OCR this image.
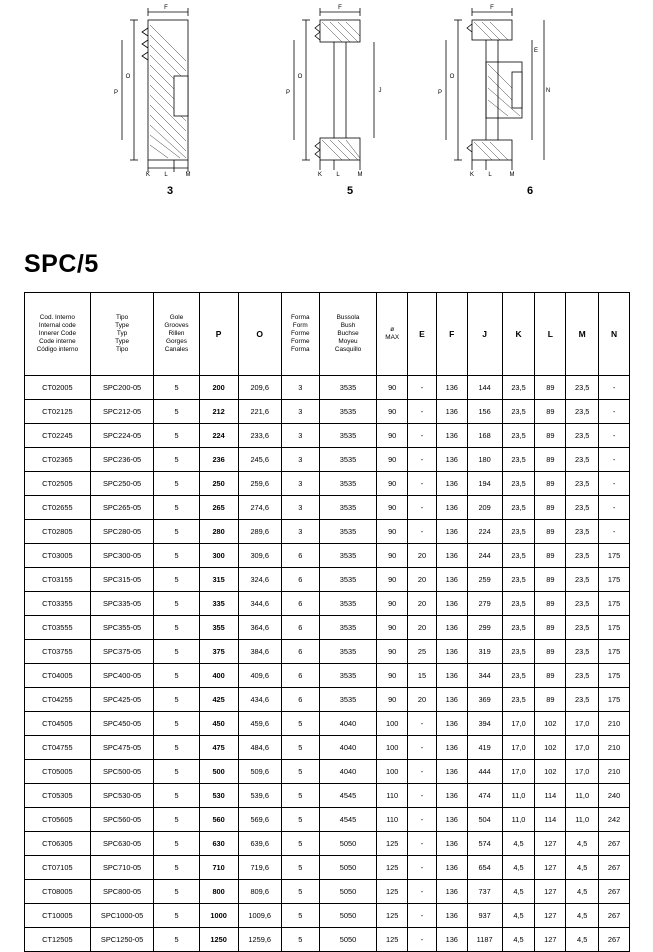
F
O
P
K L	M
3
F
O
P	J
K L	M
5
F
O
P
E
N
K L	M
6
SPC/5
Cod. Interno
Internal code
Innerer Code
Code interne
Código interno	Tipo
Type
Typ
Type
Tipo	Gole
Grooves
Rillen
Gorges
Canales	P	O	Forma
Form
Forme
Forme
Forma	Bussola
Bush
Buchse
Moyeu
Casquillo	ø
MAX	E	F	J	K	L	M	N

CT02005	SPC200-05	5	200	209,6	3	3535	90	-	136	144	23,5	89	23,5	-
CT02125	SPC212-05	5	212	221,6	3	3535	90	-	136	156	23,5	89	23,5	-
CT02245	SPC224-05	5	224	233,6	3	3535	90	-	136	168	23,5	89	23,5	-
CT02365	SPC236-05	5	236	245,6	3	3535	90	-	136	180	23,5	89	23,5	-
CT02505	SPC250-05	5	250	259,6	3	3535	90	-	136	194	23,5	89	23,5	-
CT02655	SPC265-05	5	265	274,6	3	3535	90	-	136	209	23,5	89	23,5	-
CT02805	SPC280-05	5	280	289,6	3	3535	90	-	136	224	23,5	89	23,5	-
CT03005	SPC300-05	5	300	309,6	6	3535	90	20	136	244	23,5	89	23,5	175
CT03155	SPC315-05	5	315	324,6	6	3535	90	20	136	259	23,5	89	23,5	175
CT03355	SPC335-05	5	335	344,6	6	3535	90	20	136	279	23,5	89	23,5	175
CT03555	SPC355-05	5	355	364,6	6	3535	90	20	136	299	23,5	89	23,5	175
CT03755	SPC375-05	5	375	384,6	6	3535	90	25	136	319	23,5	89	23,5	175
CT04005	SPC400-05	5	400	409,6	6	3535	90	15	136	344	23,5	89	23,5	175
CT04255	SPC425-05	5	425	434,6	6	3535	90	20	136	369	23,5	89	23,5	175
CT04505	SPC450-05	5	450	459,6	5	4040	100	-	136	394	17,0	102	17,0	210
CT04755	SPC475-05	5	475	484,6	5	4040	100	-	136	419	17,0	102	17,0	210
CT05005	SPC500-05	5	500	509,6	5	4040	100	-	136	444	17,0	102	17,0	210
CT05305	SPC530-05	5	530	539,6	5	4545	110	-	136	474	11,0	114	11,0	240
CT05605	SPC560-05	5	560	569,6	5	4545	110	-	136	504	11,0	114	11,0	242
CT06305	SPC630-05	5	630	639,6	5	5050	125	-	136	574	4,5	127	4,5	267
CT07105	SPC710-05	5	710	719,6	5	5050	125	-	136	654	4,5	127	4,5	267
CT08005	SPC800-05	5	800	809,6	5	5050	125	-	136	737	4,5	127	4,5	267
CT10005	SPC1000-05	5	1000	1009,6	5	5050	125	-	136	937	4,5	127	4,5	267
CT12505	SPC1250-05	5	1250	1259,6	5	5050	125	-	136	1187	4,5	127	4,5	267
